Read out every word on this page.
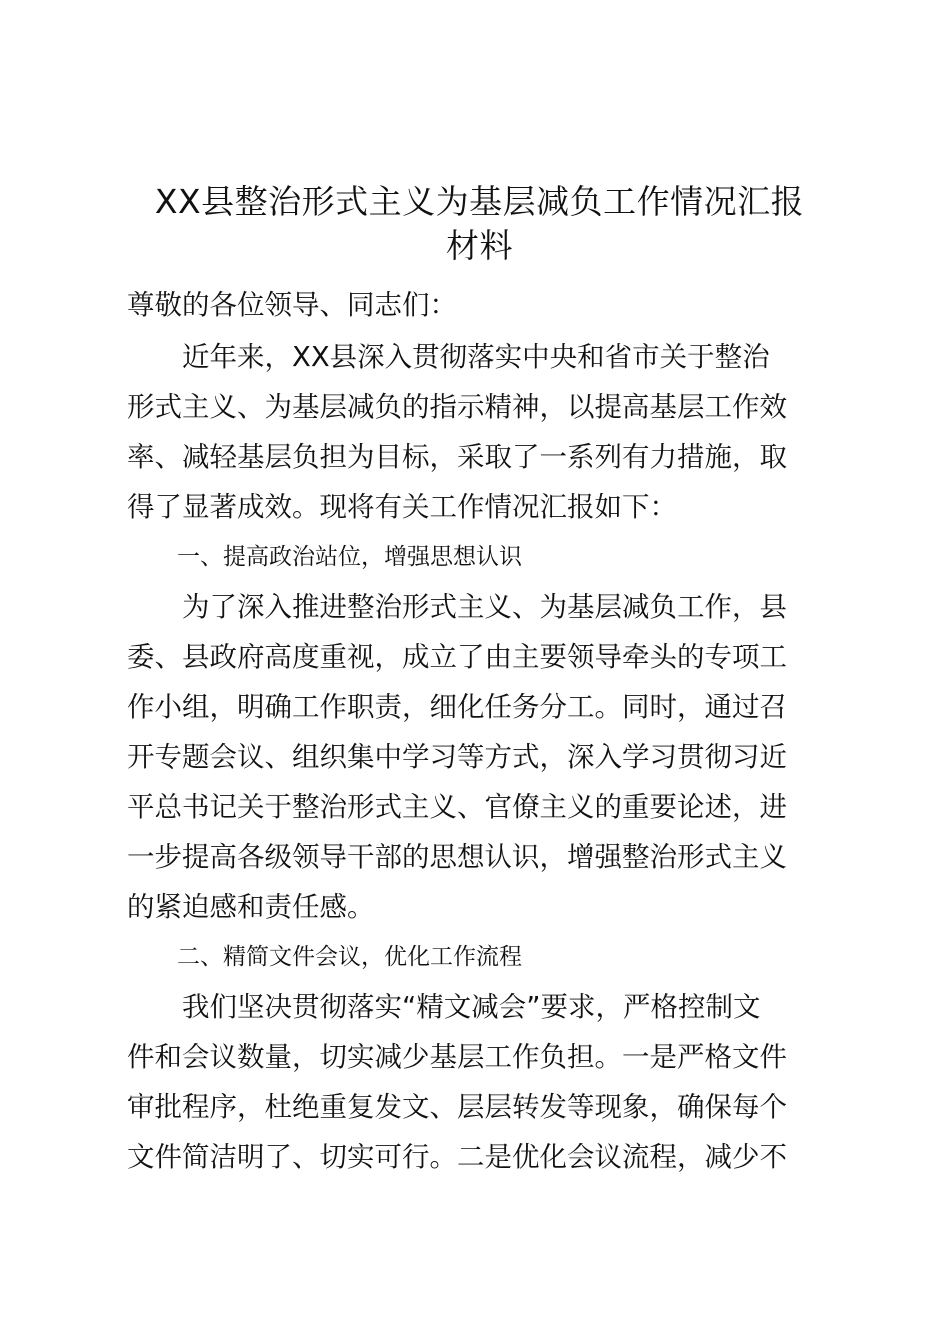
XX县整治形式主义为基层减负工作情况汇报
材料

尊敬的各位领导、同志们：

近年来，XX县深入贯彻落实中央和省市关于整治
形式主义、为基层减负的指示精神，以提高基层工作效
率、减轻基层负担为目标，采取了一系列有力措施，取
得了显著成效。现将有关工作情况汇报如下：

一、提高政治站位，增强思想认识

为了深入推进整治形式主义、为基层减负工作，县
委、县政府高度重视，成立了由主要领导牵头的专项工
作小组，明确工作职责，细化任务分工。同时，通过召
开专题会议、组织集中学习等方式，深入学习贯彻习近
平总书记关于整治形式主义、官僚主义的重要论述，进
一步提高各级领导干部的思想认识，增强整治形式主义
的紧迫感和责任感。

二、精简文件会议，优化工作流程

我们坚决贯彻落实“精文减会”要求，严格控制文
件和会议数量，切实减少基层工作负担。一是严格文件
审批程序，杜绝重复发文、层层转发等现象，确保每个
文件简洁明了、切实可行。二是优化会议流程，减少不
